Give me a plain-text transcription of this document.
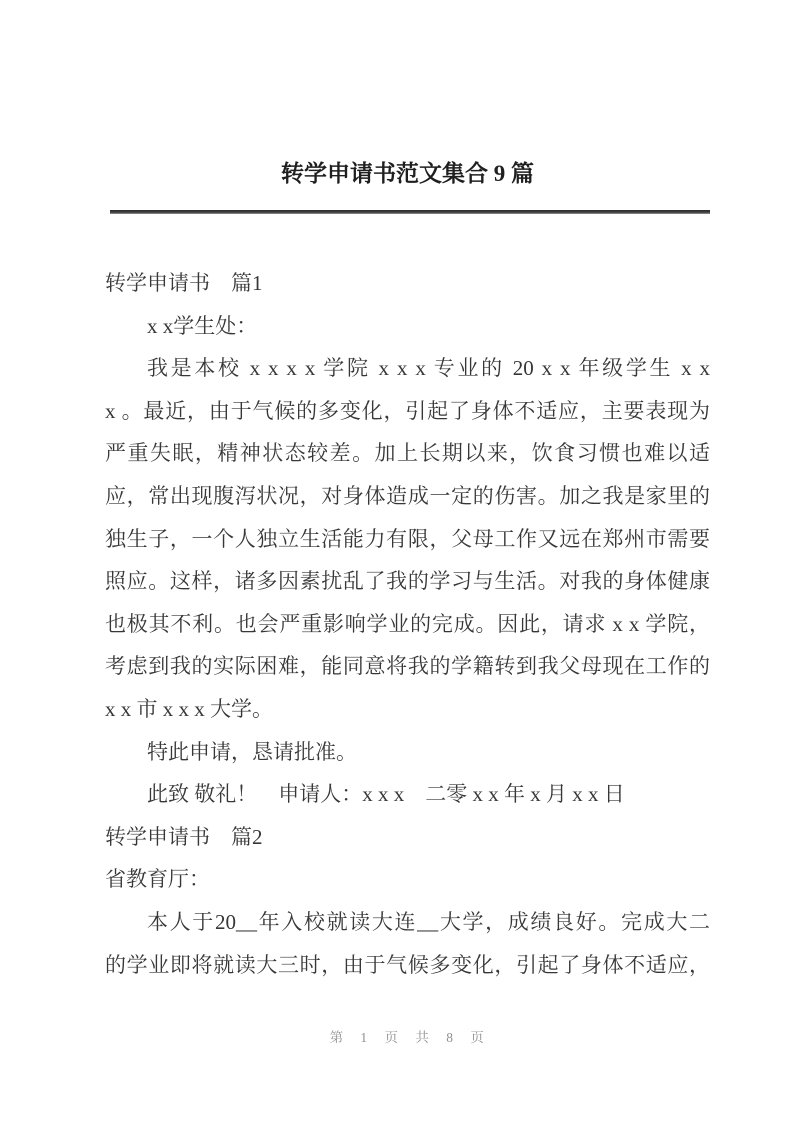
转学申请书范文集合 9 篇
转学申请书　篇1
x x学生处：
我是本校 x x x x 学院 x x x 专业的 20 x x 年级学生 x x
x 。最近，由于气候的多变化，引起了身体不适应，主要表现为
严重失眠，精神状态较差。加上长期以来，饮食习惯也难以适
应，常出现腹泻状况，对身体造成一定的伤害。加之我是家里的
独生子，一个人独立生活能力有限，父母工作又远在郑州市需要
照应。这样，诸多因素扰乱了我的学习与生活。对我的身体健康
也极其不利。也会严重影响学业的完成。因此，请求 x x 学院，
考虑到我的实际困难，能同意将我的学籍转到我父母现在工作的
x x 市 x x x 大学。
特此申请，恳请批准。
此致 敬礼！　申请人：x x x　二零 x x 年 x 月 x x 日
转学申请书　篇2
省教育厅：
本人于20__年入校就读大连__大学，成绩良好。完成大二
的学业即将就读大三时，由于气候多变化，引起了身体不适应，
第 1 页 共 8 页
